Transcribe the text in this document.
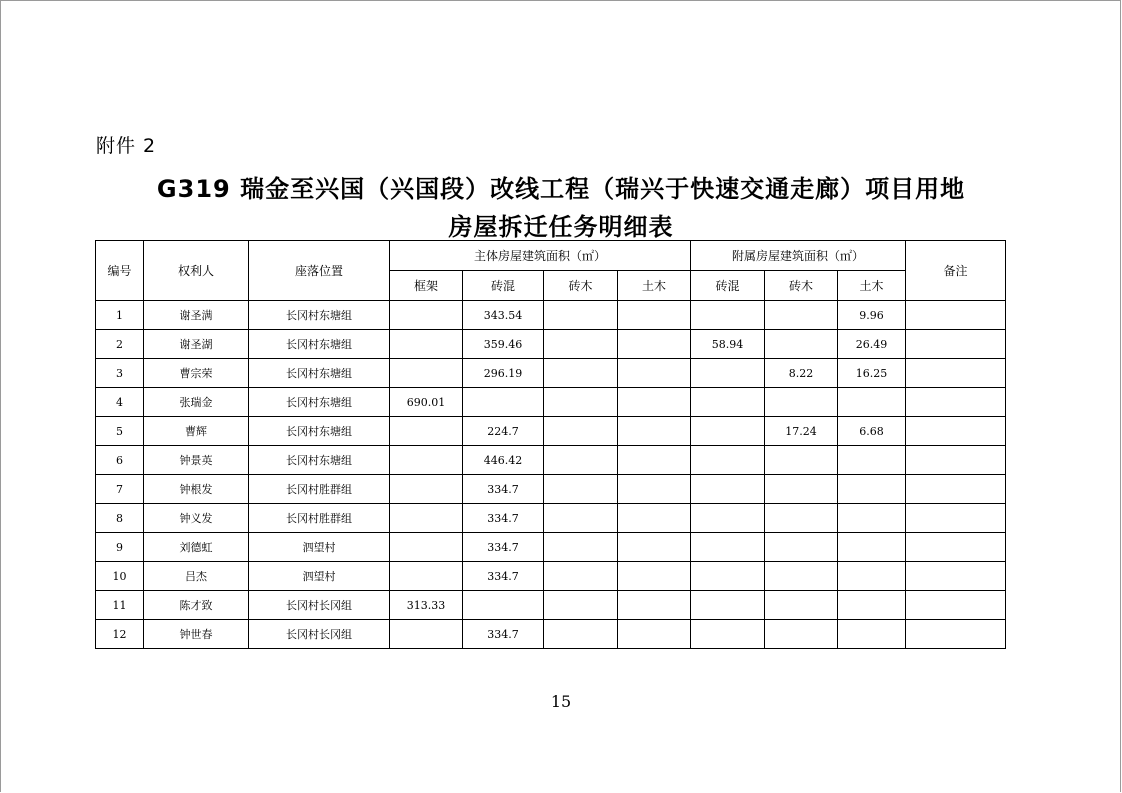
附件 2
G319 瑞金至兴国（兴国段）改线工程（瑞兴于快速交通走廊）项目用地
房屋拆迁任务明细表
编号	权利人	座落位置	主体房屋建筑面积（㎡）				附属房屋建筑面积（㎡）			备注
			框架	砖混	砖木	土木	砖混	砖木	土木	
1	谢圣满	长冈村东塘组		343.54					9.96	
2	谢圣湖	长冈村东塘组		359.46			58.94		26.49	
3	曹宗荣	长冈村东塘组		296.19				8.22	16.25	
4	张瑞金	长冈村东塘组	690.01							
5	曹辉	长冈村东塘组		224.7				17.24	6.68	
6	钟景英	长冈村东塘组		446.42						
7	钟根发	长冈村胜群组		334.7						
8	钟义发	长冈村胜群组		334.7						
9	刘德虹	泗望村		334.7						
10	吕杰	泗望村		334.7						
11	陈才致	长冈村长冈组	313.33							
12	钟世春	长冈村长冈组		334.7						
15
